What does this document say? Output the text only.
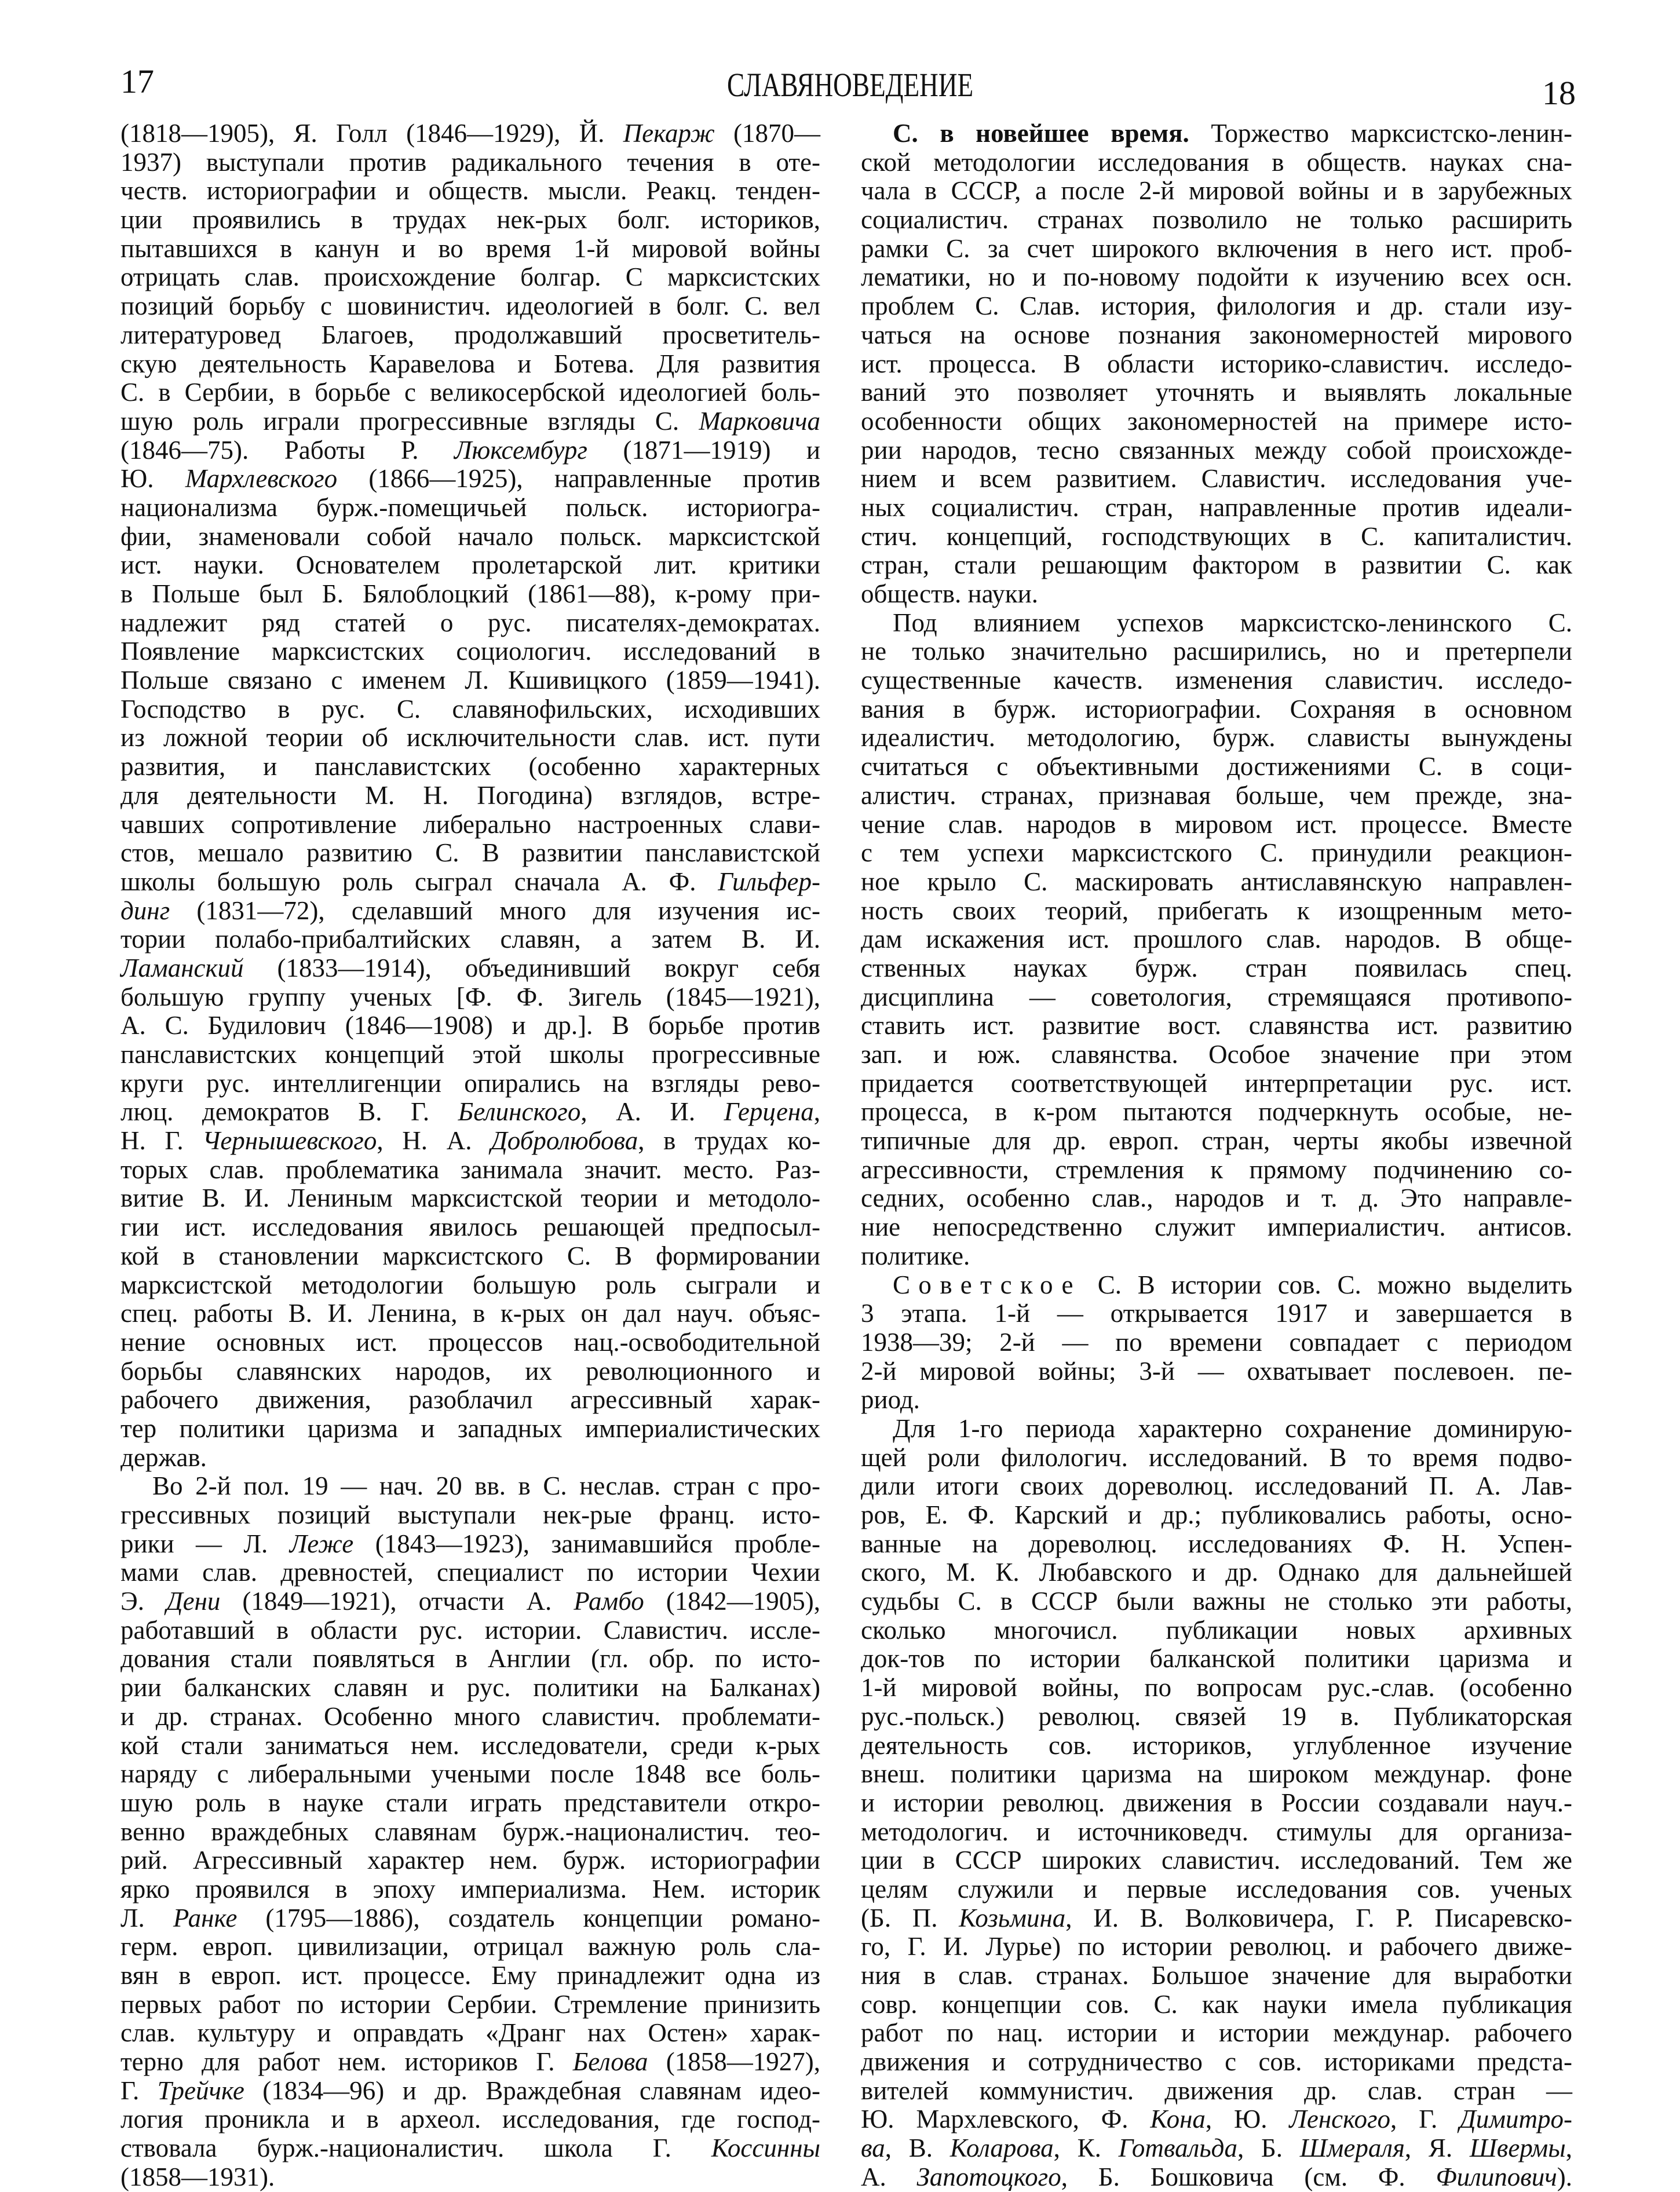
17	СЛАВЯНОВЕДЕНИЕ	18
(1818—1905), Я. Голл (1846—1929), Й. Пекарж (1870—
1937) выступали против радикального течения в оте-
честв. историографии и обществ. мысли. Реакц. тенден-
ции проявились в трудах нек-рых болг. историков,
пытавшихся в канун и во время 1-й мировой войны
отрицать слав. происхождение болгар. С марксистских
позиций борьбу с шовинистич. идеологией в болг. С. вел
литературовед Благоев, продолжавший просветитель-
скую деятельность Каравелова и Ботева. Для развития
С. в Сербии, в борьбе с великосербской идеологией боль-
шую роль играли прогрессивные взгляды С. Марковича
(1846—75). Работы Р. Люксембург (1871—1919) и
Ю. Мархлевского (1866—1925), направленные против
национализма бурж.-помещичьей польск. историогра-
фии, знаменовали собой начало польск. марксистской
ист. науки. Основателем пролетарской лит. критики
в Польше был Б. Бялоблоцкий (1861—88), к-рому при-
надлежит ряд статей о рус. писателях-демократах.
Появление марксистских социологич. исследований в
Польше связано с именем Л. Кшивицкого (1859—1941).
Господство в рус. С. славянофильских, исходивших
из ложной теории об исключительности слав. ист. пути
развития, и панславистских (особенно характерных
для деятельности М. Н. Погодина) взглядов, встре-
чавших сопротивление либерально настроенных слави-
стов, мешало развитию С. В развитии панславистской
школы большую роль сыграл сначала А. Ф. Гильфер-
динг (1831—72), сделавший много для изучения ис-
тории полабо-прибалтийских славян, а затем В. И.
Ламанский (1833—1914), объединивший вокруг себя
большую группу ученых [Ф. Ф. Зигель (1845—1921),
А. С. Будилович (1846—1908) и др.]. В борьбе против
панславистских концепций этой школы прогрессивные
круги рус. интеллигенции опирались на взгляды рево-
люц. демократов В. Г. Белинского, А. И. Герцена,
Н. Г. Чернышевского, Н. А. Добролюбова, в трудах ко-
торых слав. проблематика занимала значит. место. Раз-
витие В. И. Лениным марксистской теории и методоло-
гии ист. исследования явилось решающей предпосыл-
кой в становлении марксистского С. В формировании
марксистской методологии большую роль сыграли и
спец. работы В. И. Ленина, в к-рых он дал науч. объяс-
нение основных ист. процессов нац.-освободительной
борьбы славянских народов, их революционного и
рабочего движения, разоблачил агрессивный харак-
тер политики царизма и западных империалистических
держав.
Во 2-й пол. 19 — нач. 20 вв. в С. неслав. стран с про-
грессивных позиций выступали нек-рые франц. исто-
рики — Л. Леже (1843—1923), занимавшийся пробле-
мами слав. древностей, специалист по истории Чехии
Э. Дени (1849—1921), отчасти А. Рамбо (1842—1905),
работавший в области рус. истории. Славистич. иссле-
дования стали появляться в Англии (гл. обр. по исто-
рии балканских славян и рус. политики на Балканах)
и др. странах. Особенно много славистич. проблемати-
кой стали заниматься нем. исследователи, среди к-рых
наряду с либеральными учеными после 1848 все боль-
шую роль в науке стали играть представители откро-
венно враждебных славянам бурж.-националистич. тео-
рий. Агрессивный характер нем. бурж. историографии
ярко проявился в эпоху империализма. Нем. историк
Л. Ранке (1795—1886), создатель концепции романо-
герм. европ. цивилизации, отрицал важную роль сла-
вян в европ. ист. процессе. Ему принадлежит одна из
первых работ по истории Сербии. Стремление принизить
слав. культуру и оправдать «Дранг нах Остен» харак-
терно для работ нем. историков Г. Белова (1858—1927),
Г. Трейчке (1834—96) и др. Враждебная славянам идео-
логия проникла и в археол. исследования, где господ-
ствовала бурж.-националистич. школа Г. Коссинны
(1858—1931).
С. в новейшее время. Торжество марксистско-ленин-
ской методологии исследования в обществ. науках сна-
чала в СССР, а после 2-й мировой войны и в зарубежных
социалистич. странах позволило не только расширить
рамки С. за счет широкого включения в него ист. проб-
лематики, но и по-новому подойти к изучению всех осн.
проблем С. Слав. история, филология и др. стали изу-
чаться на основе познания закономерностей мирового
ист. процесса. В области историко-славистич. исследо-
ваний это позволяет уточнять и выявлять локальные
особенности общих закономерностей на примере исто-
рии народов, тесно связанных между собой происхожде-
нием и всем развитием. Славистич. исследования уче-
ных социалистич. стран, направленные против идеали-
стич. концепций, господствующих в С. капиталистич.
стран, стали решающим фактором в развитии С. как
обществ. науки.
Под влиянием успехов марксистско-ленинского С.
не только значительно расширились, но и претерпели
существенные качеств. изменения славистич. исследо-
вания в бурж. историографии. Сохраняя в основном
идеалистич. методологию, бурж. слависты вынуждены
считаться с объективными достижениями С. в соци-
алистич. странах, признавая больше, чем прежде, зна-
чение слав. народов в мировом ист. процессе. Вместе
с тем успехи марксистского С. принудили реакцион-
ное крыло С. маскировать антиславянскую направлен-
ность своих теорий, прибегать к изощренным мето-
дам искажения ист. прошлого слав. народов. В обще-
ственных науках бурж. стран появилась спец.
дисциплина — советология, стремящаяся противопо-
ставить ист. развитие вост. славянства ист. развитию
зап. и юж. славянства. Особое значение при этом
придается соответствующей интерпретации рус. ист.
процесса, в к-ром пытаются подчеркнуть особые, не-
типичные для др. европ. стран, черты якобы извечной
агрессивности, стремления к прямому подчинению со-
седних, особенно слав., народов и т. д. Это направле-
ние непосредственно служит империалистич. антисов.
политике.
Советское С. В истории сов. С. можно выделить
3 этапа. 1-й — открывается 1917 и завершается в
1938—39; 2-й — по времени совпадает с периодом
2-й мировой войны; 3-й — охватывает послевоен. пе-
риод.
Для 1-го периода характерно сохранение доминирую-
щей роли филологич. исследований. В то время подво-
дили итоги своих дореволюц. исследований П. А. Лав-
ров, Е. Ф. Карский и др.; публиковались работы, осно-
ванные на дореволюц. исследованиях Ф. Н. Успен-
ского, М. К. Любавского и др. Однако для дальнейшей
судьбы С. в СССР были важны не столько эти работы,
сколько многочисл. публикации новых архивных
док-тов по истории балканской политики царизма и
1-й мировой войны, по вопросам рус.-слав. (особенно
рус.-польск.) революц. связей 19 в. Публикаторская
деятельность сов. историков, углубленное изучение
внеш. политики царизма на широком междунар. фоне
и истории революц. движения в России создавали науч.-
методологич. и источниковедч. стимулы для организа-
ции в СССР широких славистич. исследований. Тем же
целям служили и первые исследования сов. ученых
(Б. П. Козьмина, И. В. Волковичера, Г. Р. Писаревско-
го, Г. И. Лурье) по истории революц. и рабочего движе-
ния в слав. странах. Большое значение для выработки
совр. концепции сов. С. как науки имела публикация
работ по нац. истории и истории междунар. рабочего
движения и сотрудничество с сов. историками предста-
вителей коммунистич. движения др. слав. стран —
Ю. Мархлевского, Ф. Кона, Ю. Ленского, Г. Димитро-
ва, В. Коларова, К. Готвальда, Б. Шмераля, Я. Швермы,
А. Запотоцкого, Б. Бошковича (см. Ф. Филипович).
